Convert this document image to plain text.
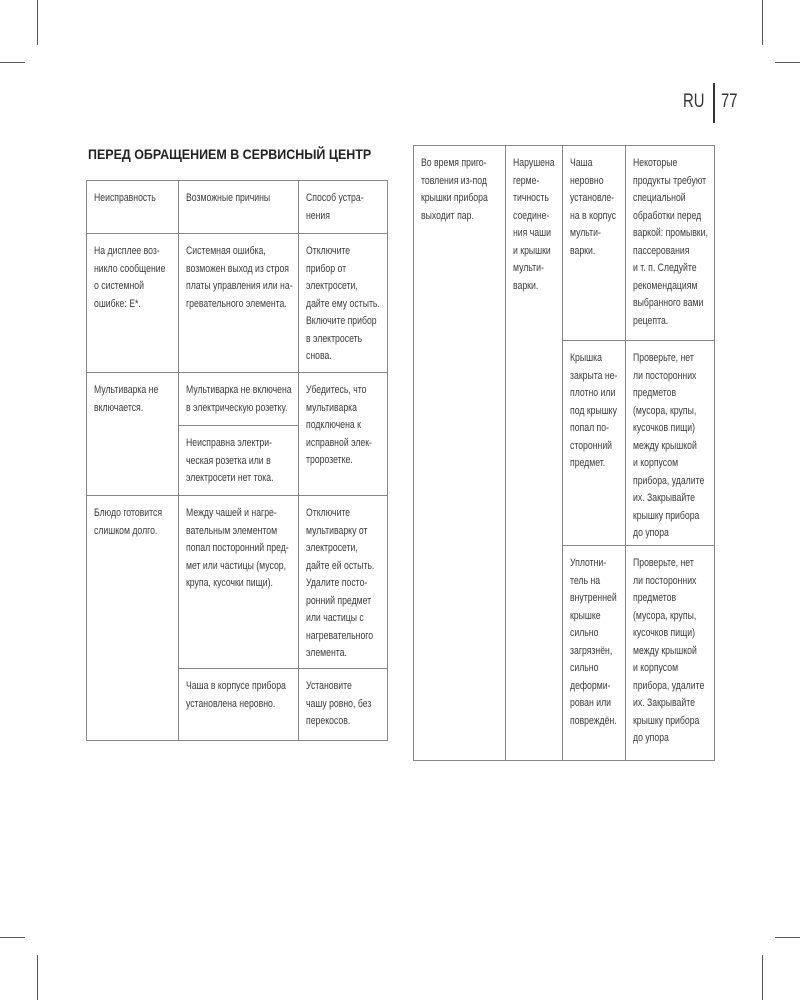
RU 77
ПЕРЕД ОБРАЩЕНИЕМ В СЕРВИСНЫЙ ЦЕНТР
Неисправность	Возможные причины	Способ устра-
нения
На дисплее воз-
никло сообщение
о системной
ошибке: Е*.
Системная ошибка,
возможен выход из строя
платы управления или на-
гревательного элемента.
Отключите
прибор от
электросети,
дайте ему остыть.
Включите прибор
в электросеть
снова.
Мультиварка не
включается.
Мультиварка не включена
в электрическую розетку.
Неисправна электри-
ческая розетка или в
электросети нет тока.
Убедитесь, что
мультиварка
подключена к
исправной элек-
тророзетке.
Блюдо готовится
слишком долго.
Между чашей и нагре-
вательным элементом
попал посторонний пред-
мет или частицы (мусор,
крупа, кусочки пищи).
Отключите
мультиварку от
электросети,
дайте ей остыть.
Удалите посто-
ронний предмет
или частицы с
нагревательного
элемента.
Чаша в корпусе прибора
установлена неровно.
Установите
чашу ровно, без
перекосов.
Во время приго-
товления из-под
крышки прибора
выходит пар.
Нарушена
герме-
тичность
соедине-
ния чаши
и крышки
мульти-
варки.
Чаша
неровно
установле-
на в корпус
мульти-
варки.
Некоторые
продукты требуют
специальной
обработки перед
варкой: промывки,
пассерования
и т. п. Следуйте
рекомендациям
выбранного вами
рецепта.
Крышка
закрыта не-
плотно или
под крышку
попал по-
сторонний
предмет.
Проверьте, нет
ли посторонних
предметов
(мусора, крупы,
кусочков пищи)
между крышкой
и корпусом
прибора, удалите
их. Закрывайте
крышку прибора
до упора
Уплотни-
тель на
внутренней
крышке
сильно
загрязнён,
сильно
деформи-
рован или
повреждён.
Проверьте, нет
ли посторонних
предметов
(мусора, крупы,
кусочков пищи)
между крышкой
и корпусом
прибора, удалите
их. Закрывайте
крышку прибора
до упора
